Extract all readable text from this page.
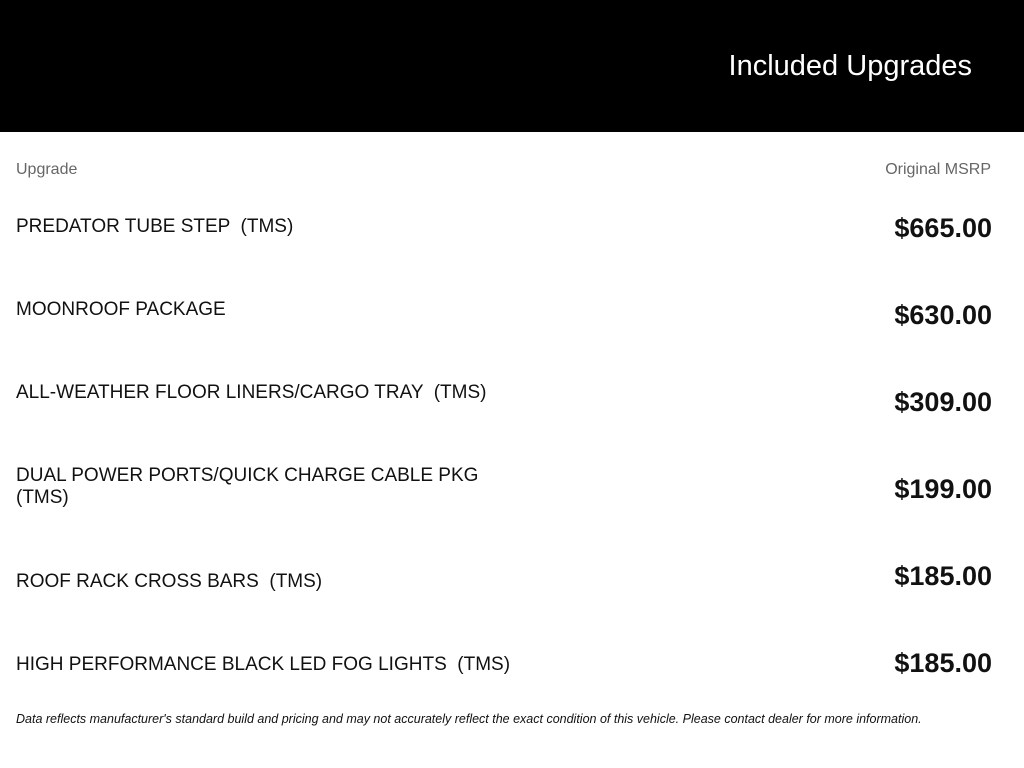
Included Upgrades
Upgrade	Original MSRP
PREDATOR TUBE STEP  (TMS)	$665.00
MOONROOF PACKAGE	$630.00
ALL-WEATHER FLOOR LINERS/CARGO TRAY  (TMS)	$309.00
DUAL POWER PORTS/QUICK CHARGE CABLE PKG
(TMS)	$199.00
ROOF RACK CROSS BARS  (TMS)	$185.00
HIGH PERFORMANCE BLACK LED FOG LIGHTS  (TMS)	$185.00
Data reflects manufacturer's standard build and pricing and may not accurately reflect the exact condition of this vehicle. Please contact dealer for more information.
